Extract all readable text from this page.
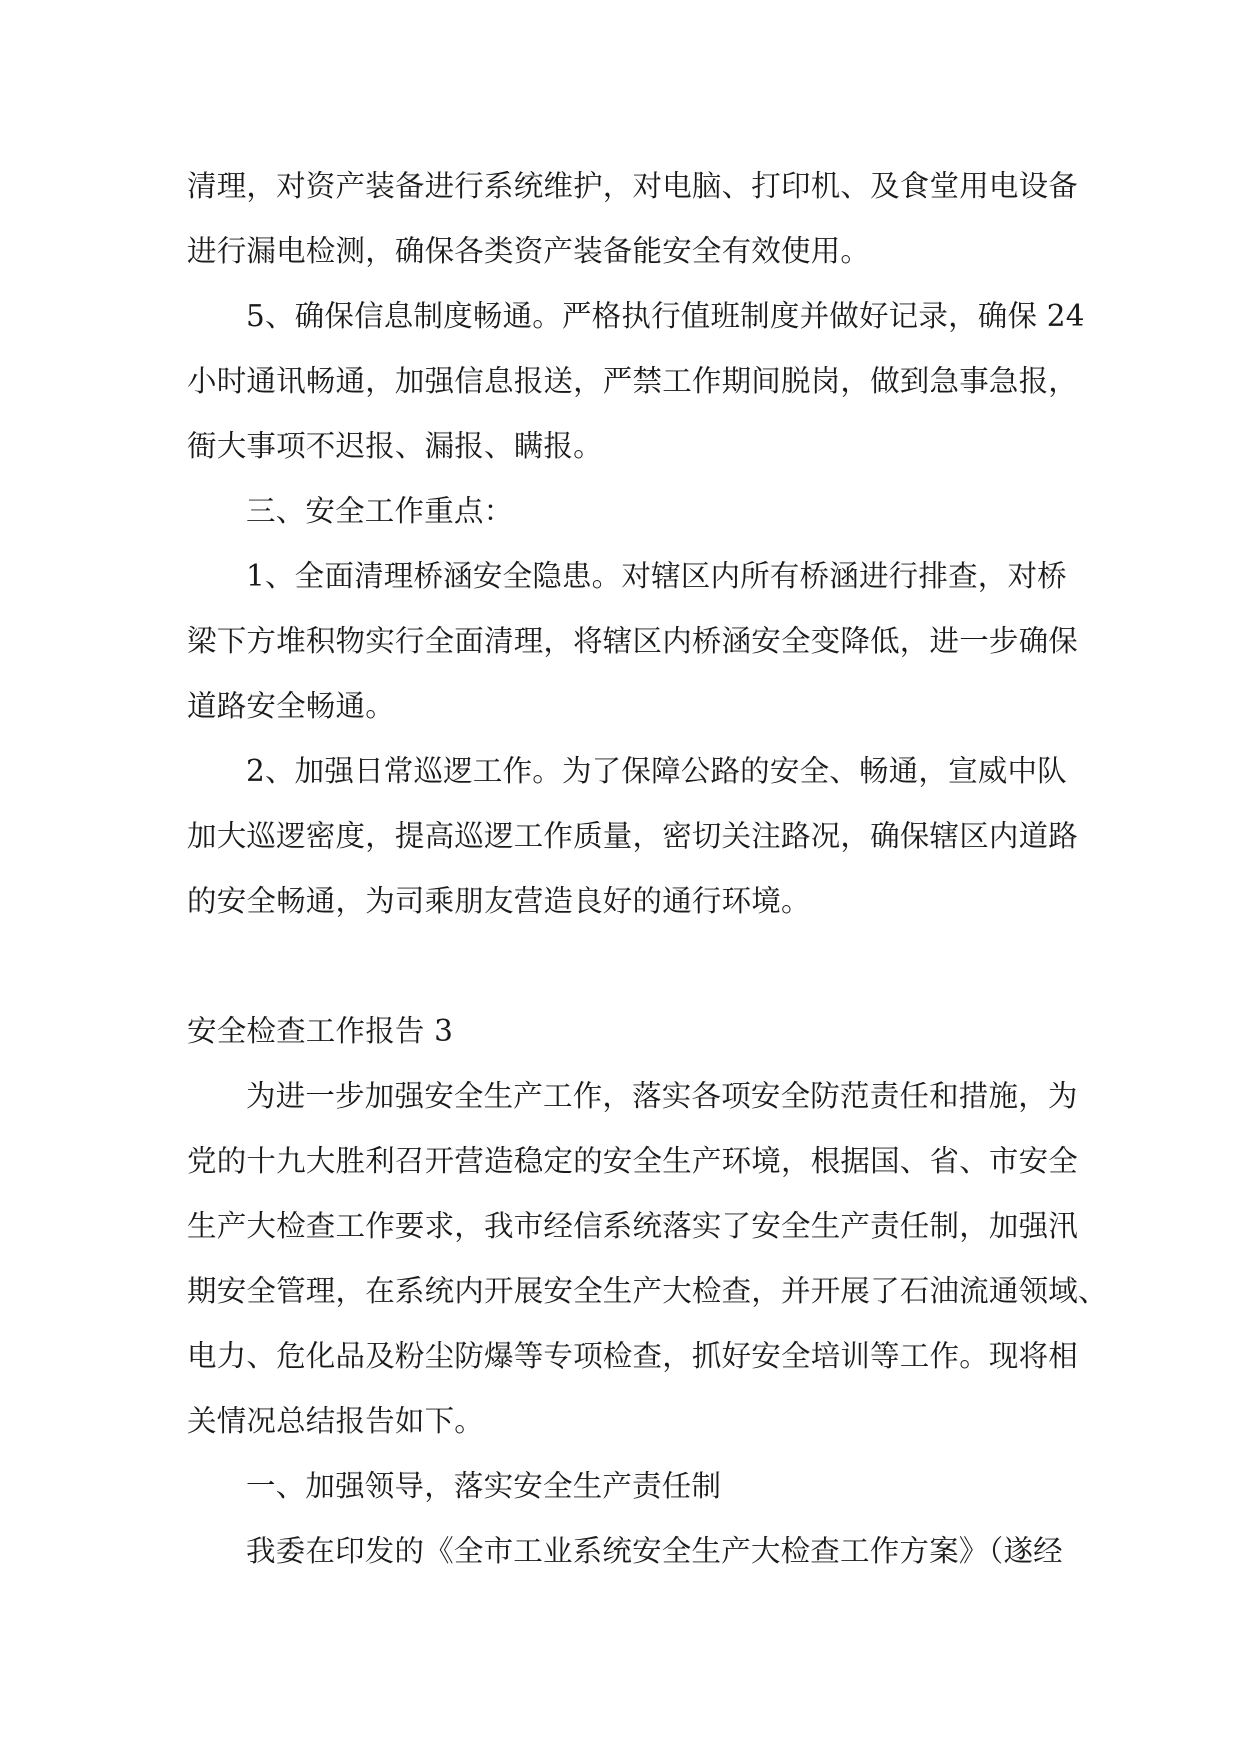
清理，对资产装备进行系统维护，对电脑、打印机、及食堂用电设备

进行漏电检测，确保各类资产装备能安全有效使用。

5、确保信息制度畅通。严格执行值班制度并做好记录，确保 24

小时通讯畅通，加强信息报送，严禁工作期间脱岗，做到急事急报，

衙大事项不迟报、漏报、瞒报。

三、安全工作重点：

1、全面清理桥涵安全隐患。对辖区内所有桥涵进行排查，对桥

梁下方堆积物实行全面清理，将辖区内桥涵安全变降低，进一步确保

道路安全畅通。

2、加强日常巡逻工作。为了保障公路的安全、畅通，宣威中队

加大巡逻密度，提高巡逻工作质量，密切关注路况，确保辖区内道路

的安全畅通，为司乘朋友营造良好的通行环境。

安全检查工作报告 3

为进一步加强安全生产工作，落实各项安全防范责任和措施，为

党的十九大胜利召开营造稳定的安全生产环境，根据国、省、市安全

生产大检查工作要求，我市经信系统落实了安全生产责任制，加强汛

期安全管理，在系统内开展安全生产大检查，并开展了石油流通领域、

电力、危化品及粉尘防爆等专项检查，抓好安全培训等工作。现将相

关情况总结报告如下。

一、加强领导，落实安全生产责任制

我委在印发的《全市工业系统安全生产大检查工作方案》（遂经
